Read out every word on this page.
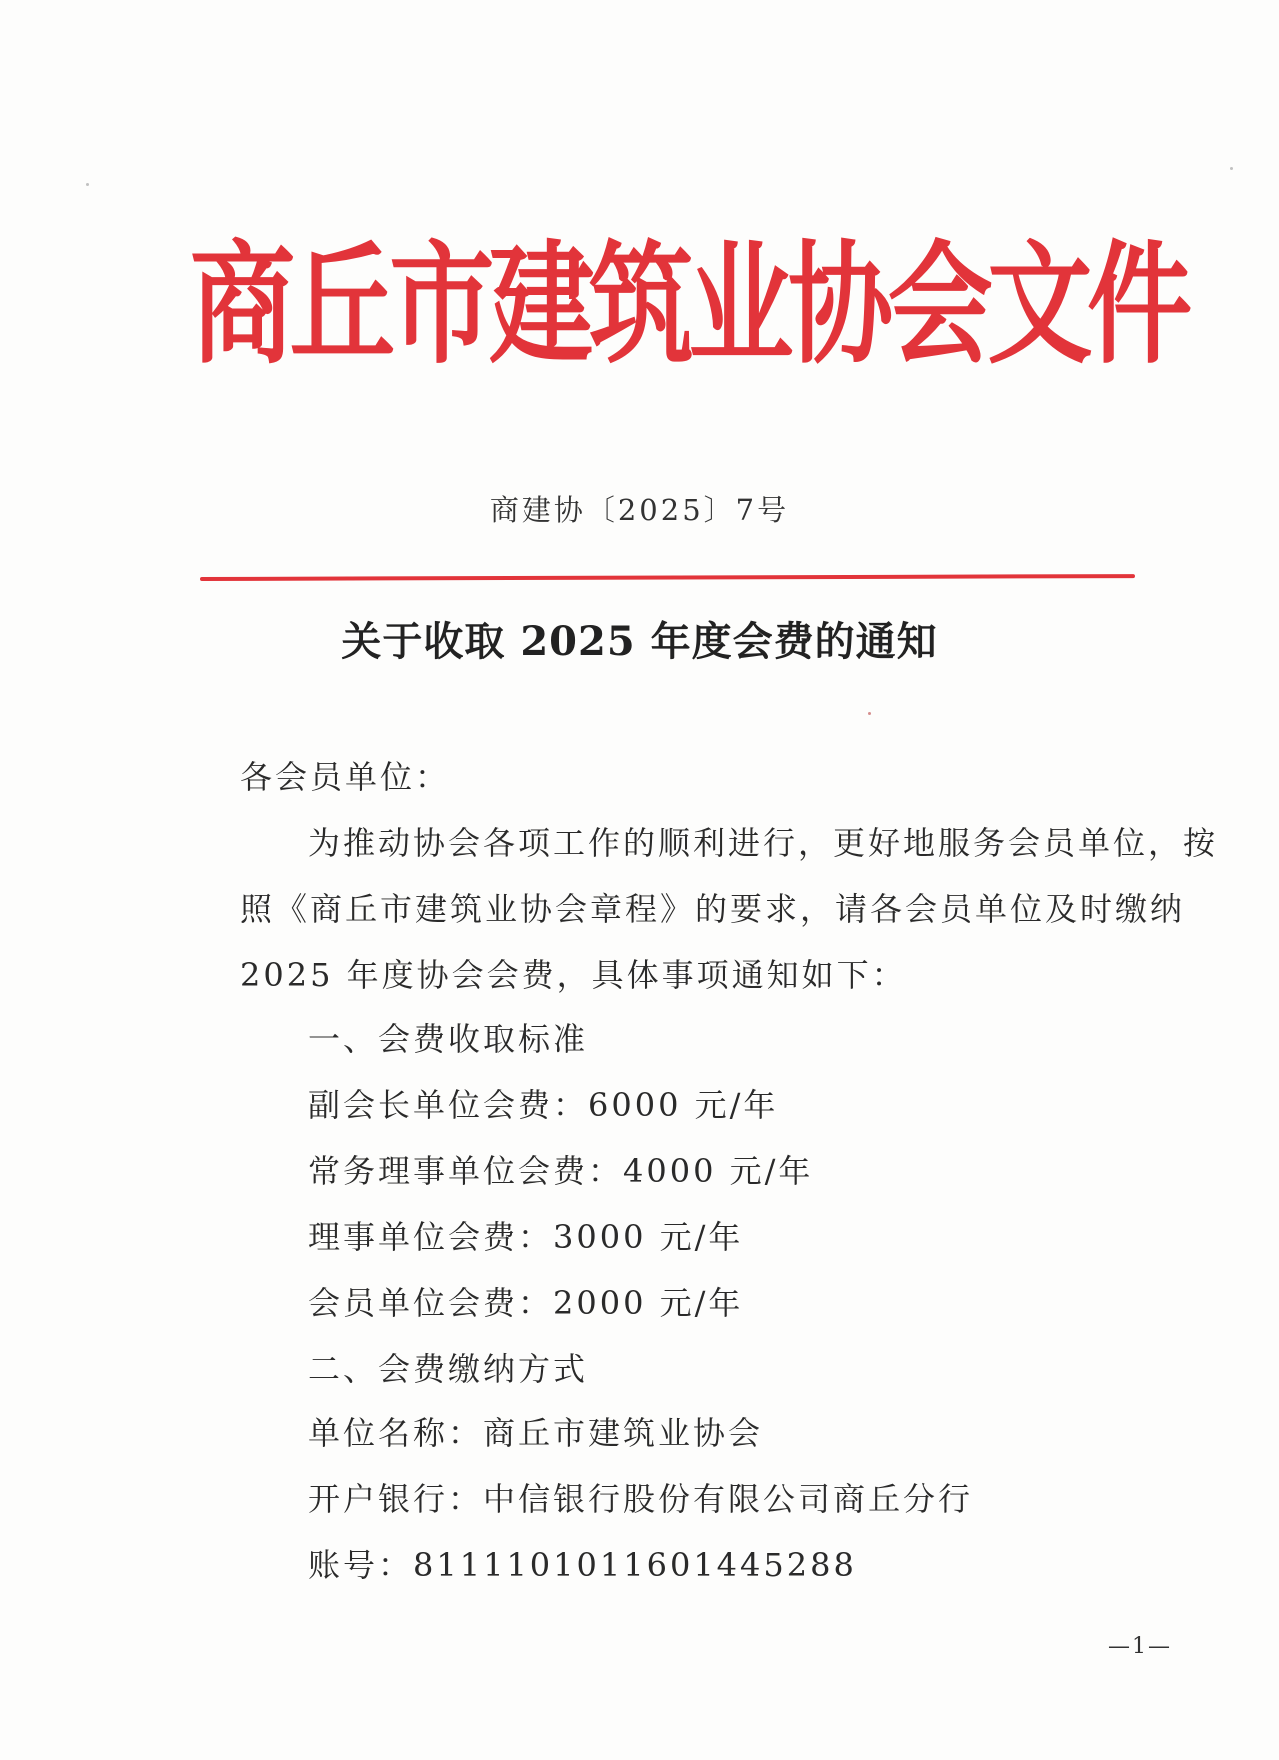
商丘市建筑业协会文件
商建协〔2025〕7号
关于收取 2025 年度会费的通知
各会员单位：
为推动协会各项工作的顺利进行，更好地服务会员单位，按
照《商丘市建筑业协会章程》的要求，请各会员单位及时缴纳
2025 年度协会会费，具体事项通知如下：
一、会费收取标准
副会长单位会费：6000 元/年
常务理事单位会费：4000 元/年
理事单位会费：3000 元/年
会员单位会费：2000 元/年
二、会费缴纳方式
单位名称：商丘市建筑业协会
开户银行：中信银行股份有限公司商丘分行
账号：8111101011601445288
—1—
